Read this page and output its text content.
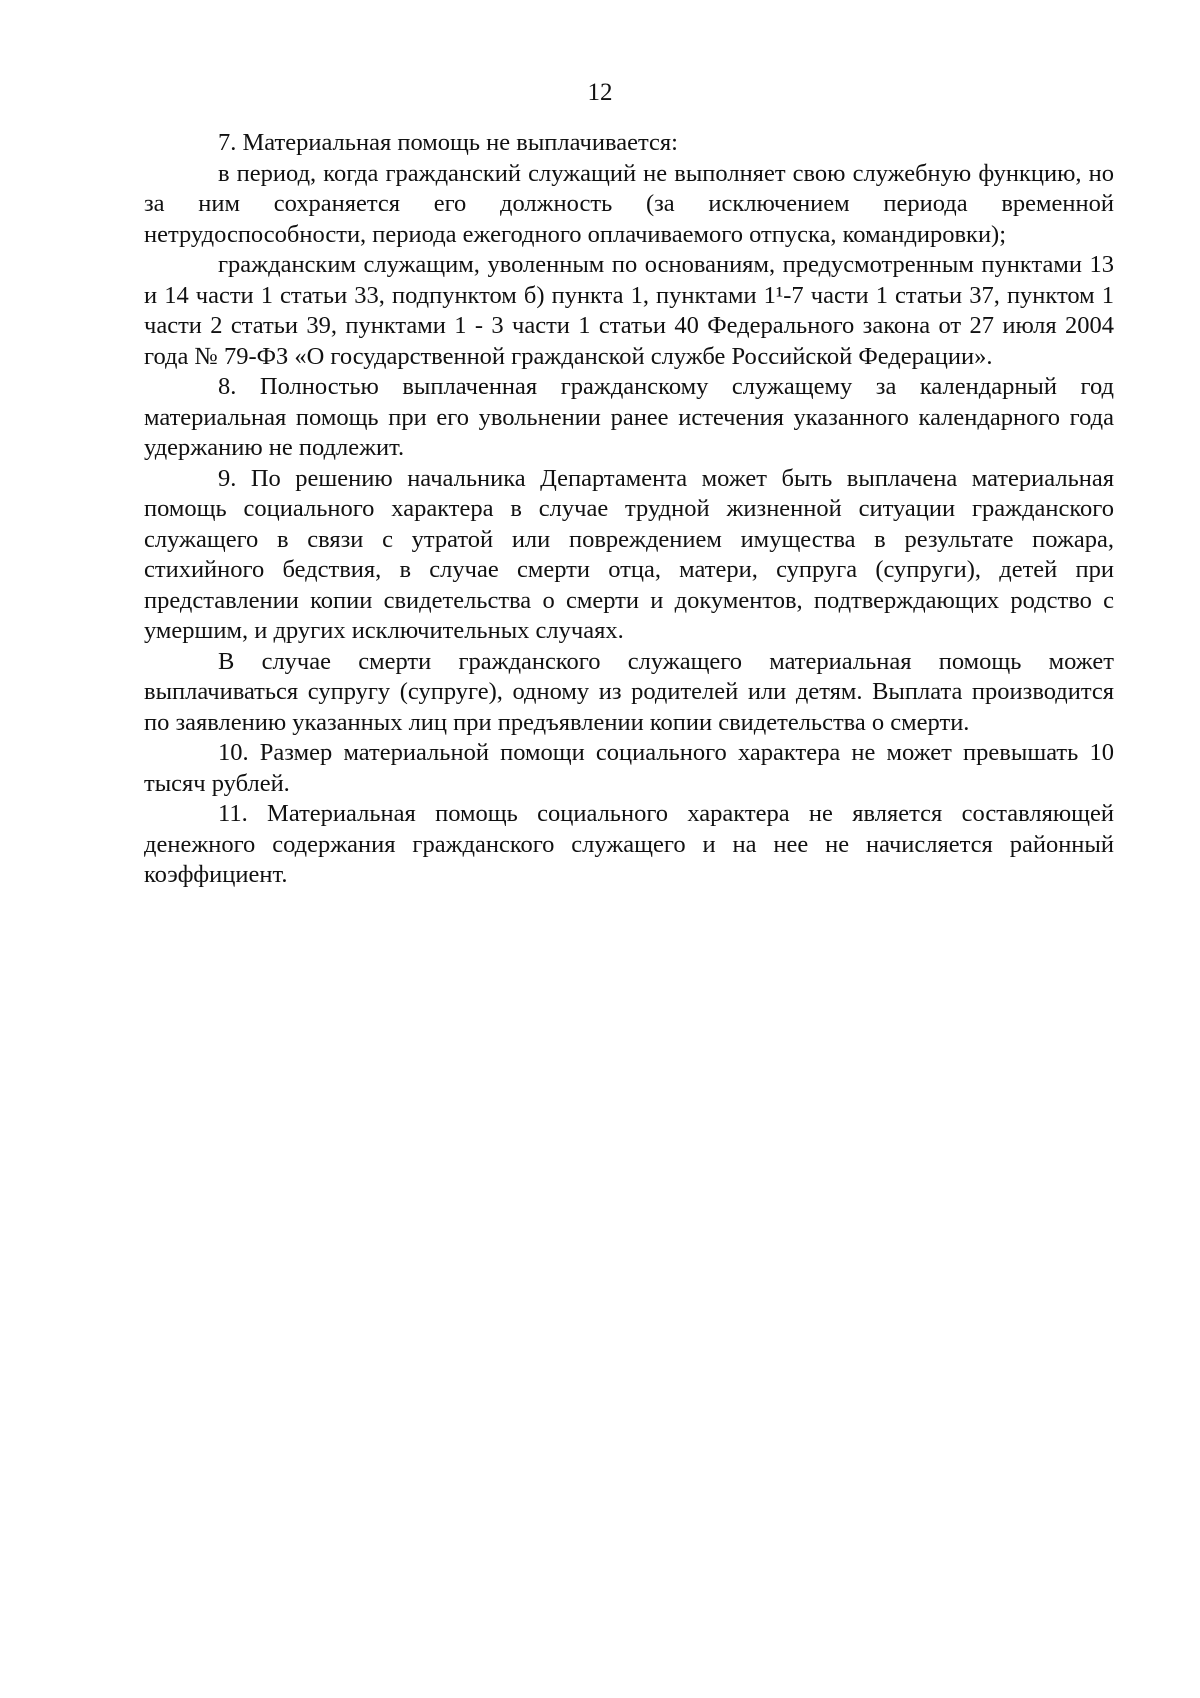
12

7. Материальная помощь не выплачивается:

в период, когда гражданский служащий не выполняет свою служебную функцию, но за ним сохраняется его должность (за исключением периода временной нетрудоспособности, периода ежегодного оплачиваемого отпуска, командировки);

гражданским служащим, уволенным по основаниям, предусмотренным пунктами 13 и 14 части 1 статьи 33, подпунктом б) пункта 1, пунктами 1¹-7 части 1 статьи 37, пунктом 1 части 2 статьи 39, пунктами 1 - 3 части 1 статьи 40 Федерального закона от 27 июля 2004 года № 79-ФЗ «О государственной гражданской службе Российской Федерации».

8. Полностью выплаченная гражданскому служащему за календарный год материальная помощь при его увольнении ранее истечения указанного календарного года удержанию не подлежит.

9. По решению начальника Департамента может быть выплачена материальная помощь социального характера в случае трудной жизненной ситуации гражданского служащего в связи с утратой или повреждением имущества в результате пожара, стихийного бедствия, в случае смерти отца, матери, супруга (супруги), детей при представлении копии свидетельства о смерти и документов, подтверждающих родство с умершим, и других исключительных случаях.

В случае смерти гражданского служащего материальная помощь может выплачиваться супругу (супруге), одному из родителей или детям. Выплата производится по заявлению указанных лиц при предъявлении копии свидетельства о смерти.

10. Размер материальной помощи социального характера не может превышать 10 тысяч рублей.

11. Материальная помощь социального характера не является составляющей денежного содержания гражданского служащего и на нее не начисляется районный коэффициент.
